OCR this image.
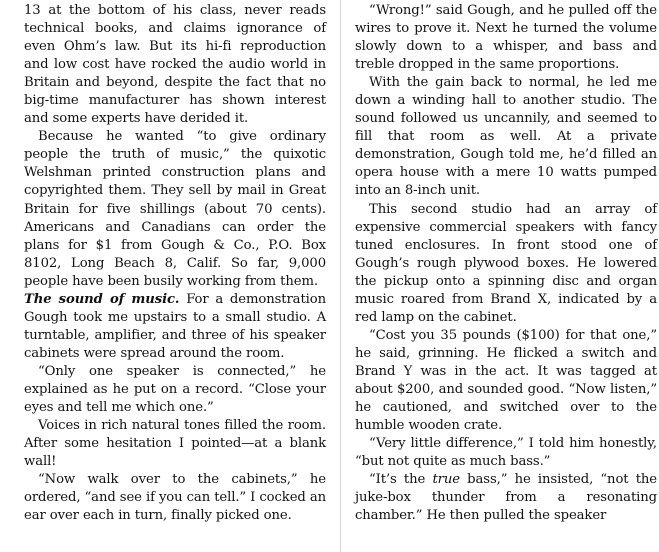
13 at the bottom of his class, never reads technical books, and claims ignorance of even Ohm’s law. But its hi-fi reproduction and low cost have rocked the audio world in Britain and beyond, despite the fact that no big-time manufacturer has shown interest and some experts have derided it.

Because he wanted “to give ordinary people the truth of music,” the quixotic Welshman printed construction plans and copyrighted them. They sell by mail in Great Britain for five shillings (about 70 cents). Americans and Canadians can order the plans for $1 from Gough & Co., P.O. Box 8102, Long Beach 8, Calif. So far, 9,000 people have been busily working from them.

The sound of music. For a demonstration Gough took me upstairs to a small studio. A turntable, amplifier, and three of his speaker cabinets were spread around the room.

“Only one speaker is connected,” he explained as he put on a record. “Close your eyes and tell me which one.”

Voices in rich natural tones filled the room. After some hesitation I pointed—at a blank wall!

“Now walk over to the cabinets,” he ordered, “and see if you can tell.” I cocked an ear over each in turn, finally picked one.

“Wrong!” said Gough, and he pulled off the wires to prove it. Next he turned the volume slowly down to a whisper, and bass and treble dropped in the same proportions.

With the gain back to normal, he led me down a winding hall to another studio. The sound followed us uncannily, and seemed to fill that room as well. At a private demonstration, Gough told me, he’d filled an opera house with a mere 10 watts pumped into an 8-inch unit.

This second studio had an array of expensive commercial speakers with fancy tuned enclosures. In front stood one of Gough’s rough plywood boxes. He lowered the pickup onto a spinning disc and organ music roared from Brand X, indicated by a red lamp on the cabinet.

“Cost you 35 pounds ($100) for that one,” he said, grinning. He flicked a switch and Brand Y was in the act. It was tagged at about $200, and sounded good. “Now listen,” he cautioned, and switched over to the humble wooden crate.

“Very little difference,” I told him honestly, “but not quite as much bass.”

“It’s the true bass,” he insisted, “not the juke-box thunder from a resonating chamber.” He then pulled the speaker
